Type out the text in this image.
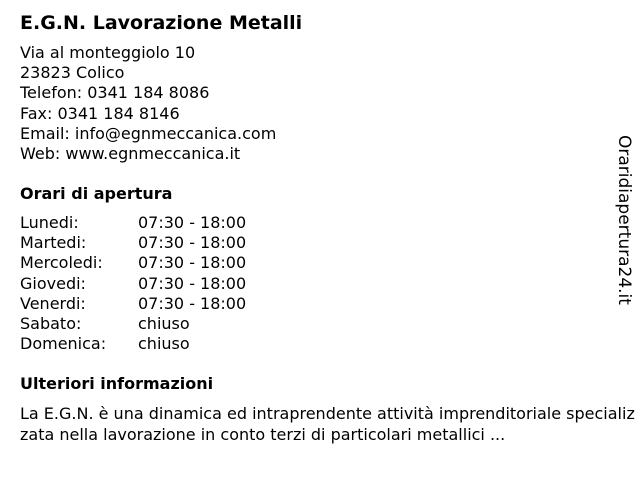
E.G.N. Lavorazione Metalli
Via al monteggiolo 10
23823 Colico
Telefon: 0341 184 8086
Fax: 0341 184 8146
Email: info@egnmeccanica.com
Web: www.egnmeccanica.it
Orari di apertura
Lunedi:	07:30 - 18:00
Martedi:	07:30 - 18:00
Mercoledi: 07:30 - 18:00
Giovedi:	07:30 - 18:00
Venerdi:	07:30 - 18:00
Sabato:	chiuso
Domenica: chiuso
Ulteriori informazioni
La E.G.N. è una dinamica ed intraprendente attività imprenditoriale specializzata nella lavorazione in conto terzi di particolari metallici ...
Oraridiapertura24.it
